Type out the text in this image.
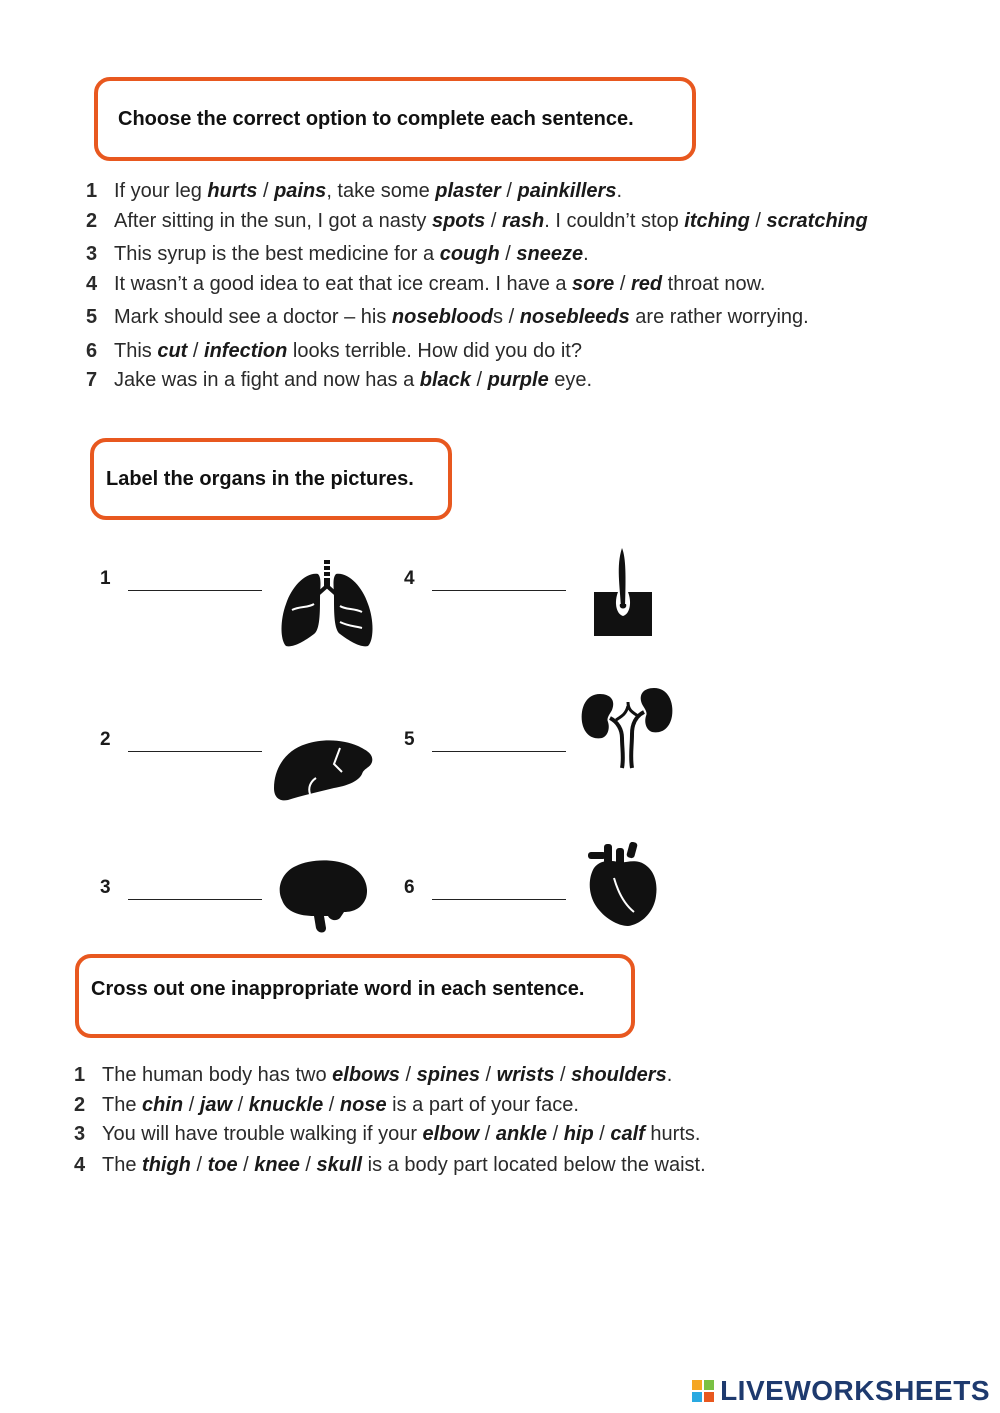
Choose the correct option to complete each sentence.
1 If your leg hurts / pains, take some plaster / painkillers.
2 After sitting in the sun, I got a nasty spots / rash. I couldn’t stop itching / scratching
3 This syrup is the best medicine for a cough / sneeze.
4 It wasn’t a good idea to eat that ice cream. I have a sore / red throat now.
5 Mark should see a doctor – his nosebloods / nosebleeds are rather worrying.
6 This cut / infection looks terrible. How did you do it?
7 Jake was in a fight and now has a black / purple eye.
Label the organs in the pictures.
1
2
3
4
5
6
Cross out one inappropriate word in each sentence.
1 The human body has two elbows / spines / wrists / shoulders.
2 The chin / jaw / knuckle / nose is a part of your face.
3 You will have trouble walking if your elbow / ankle / hip / calf hurts.
4 The thigh / toe / knee / skull is a body part located below the waist.
LIVEWORKSHEETS
